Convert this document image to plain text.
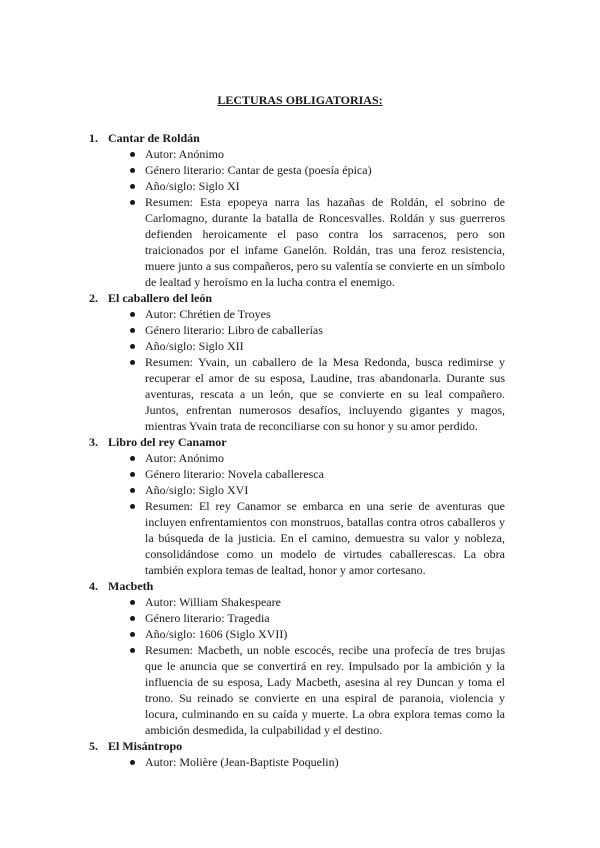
LECTURAS OBLIGATORIAS:
1. Cantar de Roldán
Autor: Anónimo
Género literario: Cantar de gesta (poesía épica)
Año/siglo: Siglo XI
Resumen: Esta epopeya narra las hazañas de Roldán, el sobrino de Carlomagno, durante la batalla de Roncesvalles. Roldán y sus guerreros defienden heroicamente el paso contra los sarracenos, pero son traicionados por el infame Ganelón. Roldán, tras una feroz resistencia, muere junto a sus compañeros, pero su valentía se convierte en un símbolo de lealtad y heroísmo en la lucha contra el enemigo.
2. El caballero del león
Autor: Chrétien de Troyes
Género literario: Libro de caballerías
Año/siglo: Siglo XII
Resumen: Yvain, un caballero de la Mesa Redonda, busca redimirse y recuperar el amor de su esposa, Laudine, tras abandonarla. Durante sus aventuras, rescata a un león, que se convierte en su leal compañero. Juntos, enfrentan numerosos desafíos, incluyendo gigantes y magos, mientras Yvain trata de reconciliarse con su honor y su amor perdido.
3. Libro del rey Canamor
Autor: Anónimo
Género literario: Novela caballeresca
Año/siglo: Siglo XVI
Resumen: El rey Canamor se embarca en una serie de aventuras que incluyen enfrentamientos con monstruos, batallas contra otros caballeros y la búsqueda de la justicia. En el camino, demuestra su valor y nobleza, consolidándose como un modelo de virtudes caballerescas. La obra también explora temas de lealtad, honor y amor cortesano.
4. Macbeth
Autor: William Shakespeare
Género literario: Tragedia
Año/siglo: 1606 (Siglo XVII)
Resumen: Macbeth, un noble escocés, recibe una profecía de tres brujas que le anuncia que se convertirá en rey. Impulsado por la ambición y la influencia de su esposa, Lady Macbeth, asesina al rey Duncan y toma el trono. Su reinado se convierte en una espiral de paranoia, violencia y locura, culminando en su caída y muerte. La obra explora temas como la ambición desmedida, la culpabilidad y el destino.
5. El Misántropo
Autor: Molière (Jean-Baptiste Poquelin)
